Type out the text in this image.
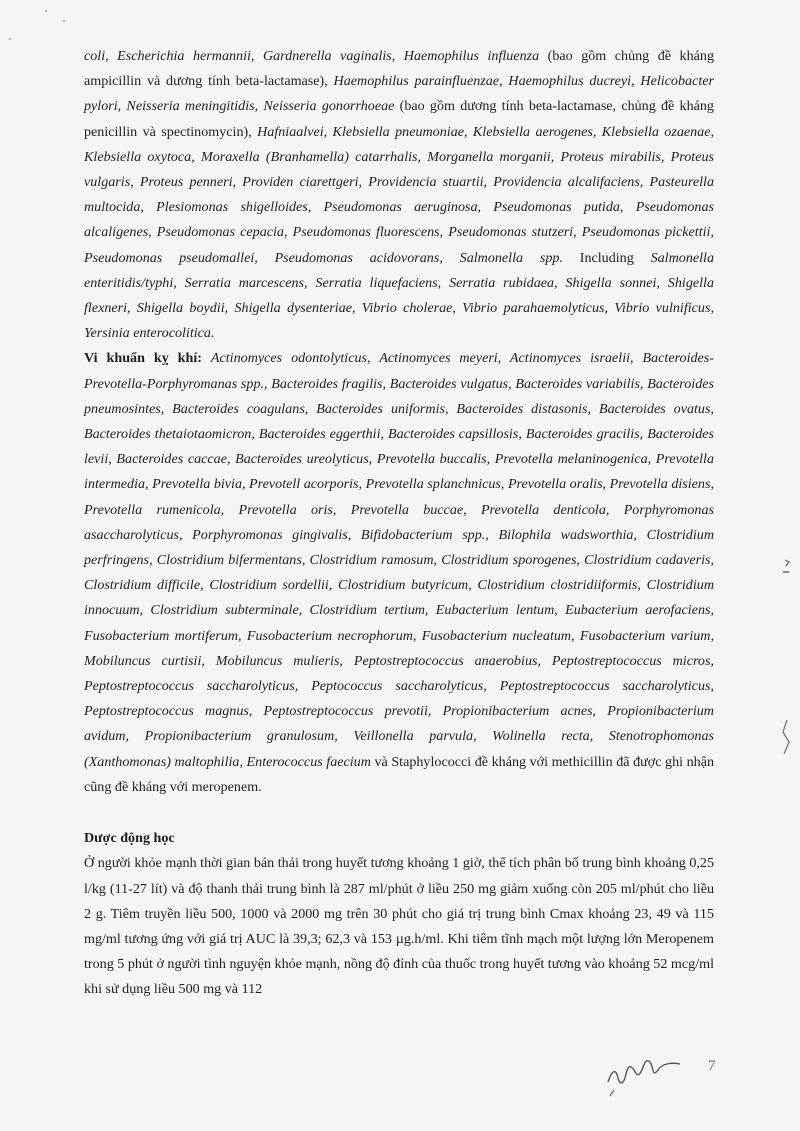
coli, Escherichia hermannii, Gardnerella vaginalis, Haemophilus influenza (bao gồm chủng đề kháng ampicillin và dương tính beta-lactamase), Haemophilus parainfluenzae, Haemophilus ducreyi, Helicobacter pylori, Neisseria meningitidis, Neisseria gonorrhoeae (bao gồm dương tính beta-lactamase, chủng đề kháng penicillin và spectinomycin), Hafniaalvei, Klebsiella pneumoniae, Klebsiella aerogenes, Klebsiella ozaenae, Klebsiella oxytoca, Moraxella (Branhamella) catarrhalis, Morganella morganii, Proteus mirabilis, Proteus vulgaris, Proteus penneri, Providen ciarettgeri, Providencia stuartii, Providencia alcalifaciens, Pasteurella multocida, Plesiomonas shigelloides, Pseudomonas aeruginosa, Pseudomonas putida, Pseudomonas alcaligenes, Pseudomonas cepacia, Pseudomonas fluorescens, Pseudomonas stutzeri, Pseudomonas pickettii, Pseudomonas pseudomallei, Pseudomonas acidovorans, Salmonella spp. Including Salmonella enteritidis/typhi, Serratia marcescens, Serratia liquefaciens, Serratia rubidaea, Shigella sonnei, Shigella flexneri, Shigella boydii, Shigella dysenteriae, Vibrio cholerae, Vibrio parahaemolyticus, Vibrio vulnificus, Yersinia enterocolitica.

Vi khuẩn kỵ khí: Actinomyces odontolyticus, Actinomyces meyeri, Actinomyces israelii, Bacteroides-Prevotella-Porphyromanas spp., Bacteroides fragilis, Bacteroides vulgatus, Bacteroides variabilis, Bacteroides pneumosintes, Bacteroides coagulans, Bacteroides uniformis, Bacteroides distasonis, Bacteroides ovatus, Bacteroides thetaiotaomicron, Bacteroides eggerthii, Bacteroides capsillosis, Bacteroides gracilis, Bacteroides levii, Bacteroides caccae, Bacteroides ureolyticus, Prevotella buccalis, Prevotella melaninogenica, Prevotella intermedia, Prevotella bivia, Prevotell acorporis, Prevotella splanchnicus, Prevotella oralis, Prevotella disiens, Prevotella rumenicola, Prevotella oris, Prevotella buccae, Prevotella denticola, Porphyromonas asaccharolyticus, Porphyromonas gingivalis, Bifidobacterium spp., Bilophila wadsworthia, Clostridium perfringens, Clostridium bifermentans, Clostridium ramosum, Clostridium sporogenes, Clostridium cadaveris, Clostridium difficile, Clostridium sordellii, Clostridium butyricum, Clostridium clostridiiformis, Clostridium innocuum, Clostridium subterminale, Clostridium tertium, Eubacterium lentum, Eubacterium aerofaciens, Fusobacterium mortiferum, Fusobacterium necrophorum, Fusobacterium nucleatum, Fusobacterium varium, Mobiluncus curtisii, Mobiluncus mulieris, Peptostreptococcus anaerobius, Peptostreptococcus micros, Peptostreptococcus saccharolyticus, Peptococcus saccharolyticus, Peptostreptococcus saccharolyticus, Peptostreptococcus magnus, Peptostreptococcus prevotii, Propionibacterium acnes, Propionibacterium avidum, Propionibacterium granulosum, Veillonella parvula, Wolinella recta, Stenotrophomonas (Xanthomonas) maltophilia, Enterococcus faecium và Staphylococci đề kháng với methicillin đã được ghi nhận cũng đề kháng với meropenem.

Dược động học

Ở người khỏe mạnh thời gian bán thải trong huyết tương khoảng 1 giờ, thể tích phân bố trung bình khoảng 0,25 l/kg (11-27 lít) và độ thanh thải trung bình là 287 ml/phút ở liều 250 mg giảm xuống còn 205 ml/phút cho liều 2 g. Tiêm truyền liều 500, 1000 và 2000 mg trên 30 phút cho giá trị trung bình Cmax khoảng 23, 49 và 115 mg/ml tương ứng với giá trị AUC là 39,3; 62,3 và 153 µg.h/ml. Khi tiêm tĩnh mạch một lượng lớn Meropenem trong 5 phút ở người tình nguyện khỏe mạnh, nồng độ đỉnh của thuốc trong huyết tương vào khoảng 52 mcg/ml khi sử dụng liều 500 mg và 112

7
